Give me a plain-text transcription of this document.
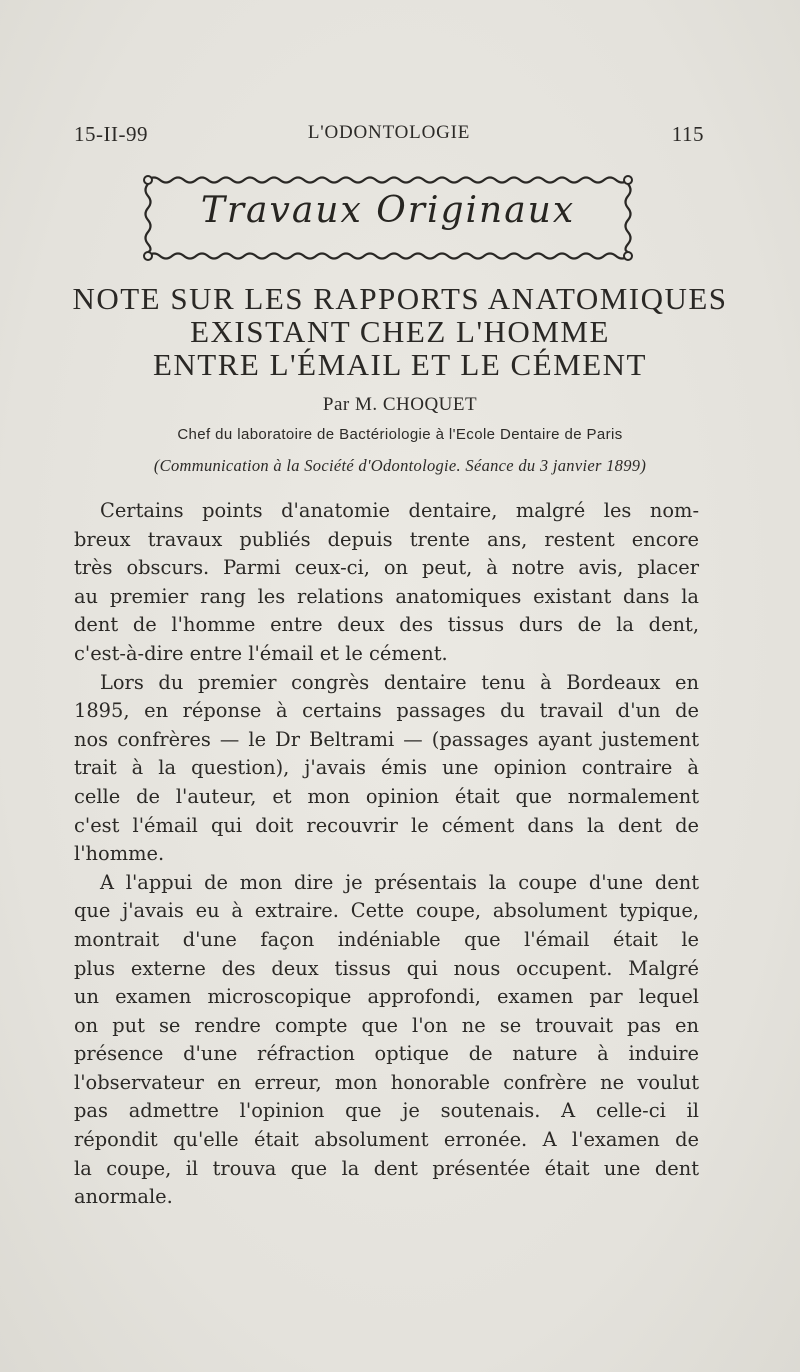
15-II-99	L'ODONTOLOGIE	115
Travaux Originaux
NOTE SUR LES RAPPORTS ANATOMIQUES
EXISTANT CHEZ L'HOMME
ENTRE L'ÉMAIL ET LE CÉMENT
Par M. CHOQUET
Chef du laboratoire de Bactériologie à l'Ecole Dentaire de Paris
(Communication à la Société d'Odontologie. Séance du 3 janvier 1899)
Certains points d'anatomie dentaire, malgré les nom-
breux travaux publiés depuis trente ans, restent encore
très obscurs. Parmi ceux-ci, on peut, à notre avis, placer
au premier rang les relations anatomiques existant dans la
dent de l'homme entre deux des tissus durs de la dent,
c'est-à-dire entre l'émail et le cément.
Lors du premier congrès dentaire tenu à Bordeaux en
1895, en réponse à certains passages du travail d'un de
nos confrères — le Dr Beltrami — (passages ayant justement
trait à la question), j'avais émis une opinion contraire à
celle de l'auteur, et mon opinion était que normalement
c'est l'émail qui doit recouvrir le cément dans la dent de
l'homme.
A l'appui de mon dire je présentais la coupe d'une dent
que j'avais eu à extraire. Cette coupe, absolument typique,
montrait d'une façon indéniable que l'émail était le
plus externe des deux tissus qui nous occupent. Malgré
un examen microscopique approfondi, examen par lequel
on put se rendre compte que l'on ne se trouvait pas en
présence d'une réfraction optique de nature à induire
l'observateur en erreur, mon honorable confrère ne voulut
pas admettre l'opinion que je soutenais. A celle-ci il
répondit qu'elle était absolument erronée. A l'examen de
la coupe, il trouva que la dent présentée était une dent
anormale.
